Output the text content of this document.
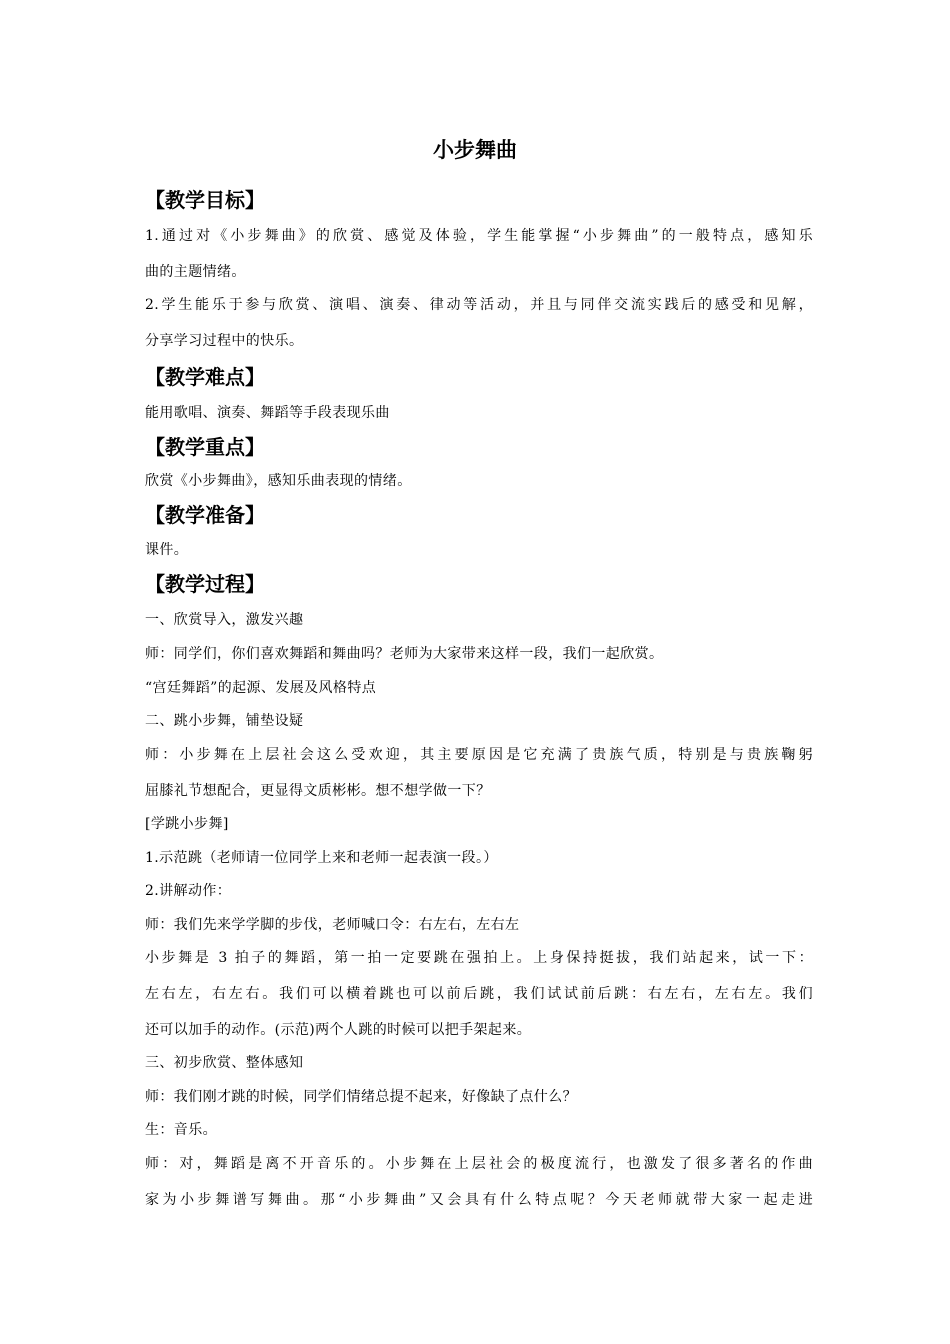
小步舞曲
【教学目标】
1.通过对《小步舞曲》的欣赏、感觉及体验，学生能掌握“小步舞曲”的一般特点，感知乐
曲的主题情绪。
2.学生能乐于参与欣赏、演唱、演奏、律动等活动，并且与同伴交流实践后的感受和见解，
分享学习过程中的快乐。
【教学难点】
能用歌唱、演奏、舞蹈等手段表现乐曲
【教学重点】
欣赏《小步舞曲》，感知乐曲表现的情绪。
【教学准备】
课件。
【教学过程】
一、欣赏导入，激发兴趣
师：同学们，你们喜欢舞蹈和舞曲吗？老师为大家带来这样一段，我们一起欣赏。
“宫廷舞蹈”的起源、发展及风格特点
二、跳小步舞，铺垫设疑
师：小步舞在上层社会这么受欢迎，其主要原因是它充满了贵族气质，特别是与贵族鞠躬
屈膝礼节想配合，更显得文质彬彬。想不想学做一下？
[学跳小步舞]
1.示范跳（老师请一位同学上来和老师一起表演一段。）
2.讲解动作：
师：我们先来学学脚的步伐，老师喊口令：右左右，左右左
小步舞是 3 拍子的舞蹈，第一拍一定要跳在强拍上。上身保持挺拔，我们站起来，试一下：
左右左，右左右。我们可以横着跳也可以前后跳，我们试试前后跳：右左右，左右左。我们
还可以加手的动作。(示范)两个人跳的时候可以把手架起来。
三、初步欣赏、整体感知
师：我们刚才跳的时候，同学们情绪总提不起来，好像缺了点什么？
生：音乐。
师：对，舞蹈是离不开音乐的。小步舞在上层社会的极度流行，也激发了很多著名的作曲
家为小步舞谱写舞曲。那“小步舞曲”又会具有什么特点呢？今天老师就带大家一起走进
